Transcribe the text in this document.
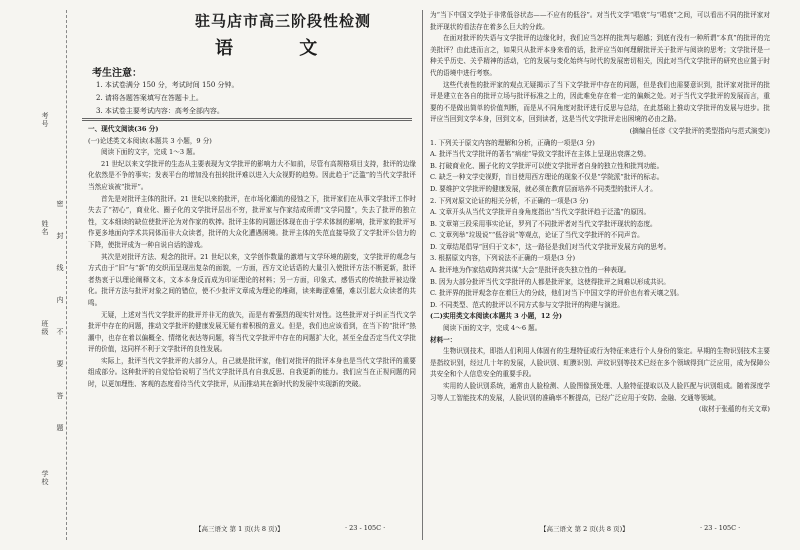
考号
姓名
班级
学校
密
封
线
内
不
要
答
题
驻马店市高三阶段性检测
语 文
考生注意：
1. 本试卷满分 150 分，考试时间 150 分钟。
2. 请将各题答案填写在答题卡上。
3. 本试卷主要考试内容：高考全部内容。

一、现代文阅读(36 分)

(一)论述类文本阅读(本题共 3 小题，9 分)

阅读下面的文字，完成 1～3 题。

21 世纪以来文学批评的生态从主要表现为文学批评的影响力大不如前，尽管有高规格项目支持，批评的边缘化依然是不争的事实；发表平台的增加没有扭转批评难以进入大众视野的趋势。因此趋于“泛滥”的当代文学批评当然应该被“批评”。

首先是对批评主体的批评。21 世纪以来的批评，在市场化潮流的侵蚀之下，批评家们在从事文学批评工作时失去了“初心”，商业化、圈子化的文学批评层出不穷，批评家与作家结成所谓“文学同盟”，失去了批评的独立性，文本细读的缺位使批评沦为对作家的吹捧。批评主体的问题还体现在由于学术体制的影响，批评家的批评写作更多地面向学术共同体而非大众读者，批评的大众化遭遇困境。批评主体的失范直接导致了文学批评公信力的下降，使批评成为一种自说自话的游戏。

其次是对批评方法、观念的批评。21 世纪以来，文学创作数量的激增与文学环境的剧变，文学批评的观念与方式由于“旧”与“新”的交织而呈现出复杂的面貌，一方面，西方文论话语的大量引入使批评方法不断更新，批评者热衷于以理论阐释文本，文本本身反而成为印证理论的材料；另一方面，印象式、感悟式的传统批评被边缘化。批评方法与批评对象之间的错位，使不少批评文章成为理论的堆砌，读来晦涩难懂，难以引起大众读者的共鸣。

无疑，上述对当代文学批评的批评并非无的放矢，而是有着强烈的现实针对性。这些批评对于纠正当代文学批评中存在的问题，推动文学批评的健康发展无疑有着积极的意义。但是，我们也应该看到，在当下的“批评”热潮中，也存在着以偏概全、情绪化表达等问题，将当代文学批评中存在的问题扩大化，甚至全盘否定当代文学批评的价值，这同样不利于文学批评的良性发展。

实际上，批评当代文学批评的大部分人，自己就是批评家，他们对批评的批评本身也是当代文学批评的重要组成部分。这种批评的自觉恰恰说明了当代文学批评具有自我反思、自我更新的能力。我们应当在正视问题的同时，以更加理性、客观的态度看待当代文学批评，从而推动其在新时代的发展中实现新的突破。

为“当下中国文学处于非常低谷状态——不应有的低谷”。对当代文学“唱衰”与“唱衰”之间，可以看出不同的批评家对批评现状的看法存在着多么巨大的分歧。

在面对批评的失语与文学批评的边缘化时，我们应当怎样的批判与超越；到底有没有一种所谓“本真”的批评的完美批评？由此进而言之，如果只从批评本身来看的话，批评应当如何理解批评关于批评与阅读的思考；文学批评是一种关乎历史、关乎精神的活动，它的发展与变化始终与时代的发展密切相关，因此对当代文学批评的研究也应置于时代的语境中进行考察。

这些代表性的批评家的观点无疑揭示了当下文学批评中存在的问题，但是我们也需要意识到，批评家对批评的批评是建立在各自的批评立场与批评标准之上的，因此难免存在着一定的偏颇之处。对于当代文学批评的发展而言，重要的不是做出简单的价值判断，而是从不同角度对批评进行反思与总结，在此基础上推动文学批评的发展与进步。批评应当回到文学本身，回到文本，回到读者，这是当代文学批评走出困境的必由之路。

(摘编自任彦《文学批评的类型指向与范式演变》)

1. 下列关于原文内容的理解和分析，正确的一项是(3 分)

A. 批评当代文学批评的著名“病症”导致文学批评在主体上呈现出衰落之势。

B. 打破商业化、圈子化的文学批评可以使文学批评者自身的独立性和批判功能。

C. 缺乏一种文学史视野，盲目使用西方理论的现象不仅是“学院派”批评的标志。

D. 要维护文学批评的健康发展，就必须在教育层面培养不同类型的批评人才。

2. 下列对原文论证的相关分析，不正确的一项是(3 分)

A. 文章开头从当代文学批评自身角度指出“当代文学批评趋于泛滥”的原因。

B. 文章第三段采用事实论证，罗列了不同批评者对当代文学批评现状的态度。

C. 文章列举“垃圾说”“低谷说”等观点，论证了当代文学批评的不同声音。

D. 文章结尾倡导“回归于文本”，这一路径是我们对当代文学批评发展方向的思考。

3. 根据原文内容，下列说法不正确的一项是(3 分)

A. 批评地为作家结成阵营共谋“大会”是批评丧失独立性的一种表现。

B. 因为大部分批评当代文学批评的人都是批评家，这使得批评之间难以形成共识。

C. 批评界的批评观念存在着巨大的分歧，他们对当下中国文学的评价也有着天壤之别。

D. 不同类型、范式的批评以不同方式参与文学批评的构建与演进。

(二)实用类文本阅读(本题共 3 小题，12 分)

阅读下面的文字，完成 4～6 题。

材料一：

生物识别技术，即指人们利用人体固有的生理特征或行为特征来进行个人身份的鉴定。早期的生物识别技术主要是指纹识别，经过几十年的发展，人脸识别、虹膜识别、声纹识别等技术已经在多个领域得到广泛应用，成为保障公共安全和个人信息安全的重要手段。

实用的人脸识别系统，通常由人脸检测、人脸图像预处理、人脸特征提取以及人脸匹配与识别组成。随着深度学习等人工智能技术的发展，人脸识别的准确率不断提高，已经广泛应用于安防、金融、交通等领域。

(取材于张蕴的有关文章)

【高三语文 第 1 页(共 8 页)】	· 23 - 105C ·	【高三语文 第 2 页(共 8 页)】	· 23 - 105C ·
